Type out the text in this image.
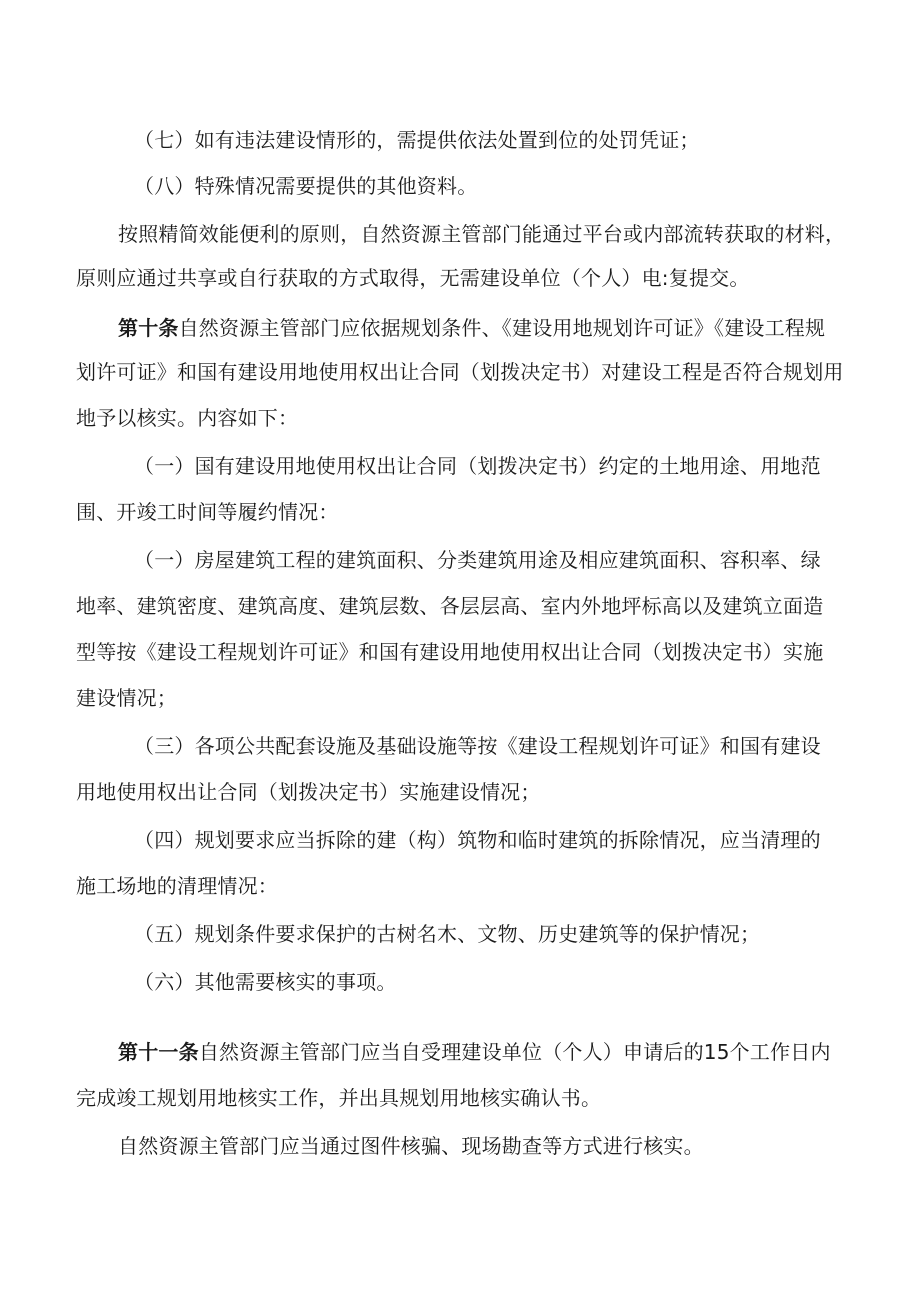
（七）如有违法建设情形的，需提供依法处置到位的处罚凭证；
（八）特殊情况需要提供的其他资料。
按照精简效能便利的原则，自然资源主管部门能通过平台或内部流转获取的材料，
原则应通过共享或自行获取的方式取得，无需建设单位（个人）电:复提交。
第十条自然资源主管部门应依据规划条件、《建设用地规划许可证》《建设工程规
划许可证》和国有建设用地使用权出让合同（划拨决定书）对建设工程是否符合规划用
地予以核实。内容如下：
（一）国有建设用地使用权出让合同（划拨决定书）约定的土地用途、用地范
围、开竣工时间等履约情况：
（一）房屋建筑工程的建筑面积、分类建筑用途及相应建筑面积、容积率、绿
地率、建筑密度、建筑高度、建筑层数、各层层高、室内外地坪标高以及建筑立面造
型等按《建设工程规划许可证》和国有建设用地使用权出让合同（划拨决定书）实施
建设情况；
（三）各项公共配套设施及基础设施等按《建设工程规划许可证》和国有建设
用地使用权出让合同（划拨决定书）实施建设情况；
（四）规划要求应当拆除的建（构）筑物和临时建筑的拆除情况，应当清理的
施工场地的清理情况：
（五）规划条件要求保护的古树名木、文物、历史建筑等的保护情况；
（六）其他需要核实的事项。
第十一条自然资源主管部门应当自受理建设单位（个人）申请后的15个工作日内
完成竣工规划用地核实工作，并出具规划用地核实确认书。
自然资源主管部门应当通过图件核骗、现场勘查等方式进行核实。
